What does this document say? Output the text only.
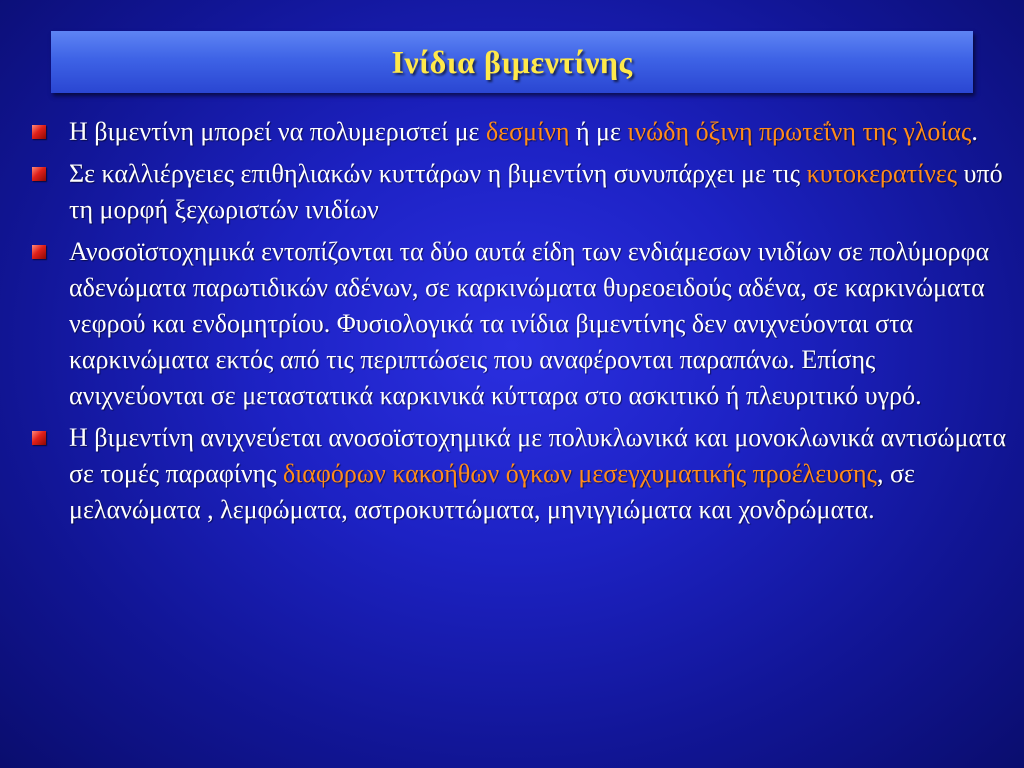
Ινίδια βιμεντίνης
Η βιμεντίνη μπορεί να πολυμεριστεί με δεσμίνη ή με ινώδη όξινη πρωτεΐνη της γλοίας.
Σε καλλιέργειες επιθηλιακών κυττάρων η βιμεντίνη συνυπάρχει με τις κυτοκερατίνες υπό τη μορφή ξεχωριστών ινιδίων
Ανοσοϊστοχημικά εντοπίζονται τα δύο αυτά είδη των ενδιάμεσων ινιδίων σε πολύμορφα αδενώματα παρωτιδικών αδένων, σε καρκινώματα θυρεοειδούς αδένα, σε καρκινώματα νεφρού και ενδομητρίου. Φυσιολογικά τα ινίδια βιμεντίνης δεν ανιχνεύονται στα καρκινώματα εκτός από τις περιπτώσεις που αναφέρονται παραπάνω. Επίσης ανιχνεύονται σε μεταστατικά καρκινικά κύτταρα στο ασκιτικό ή πλευριτικό υγρό.
Η βιμεντίνη ανιχνεύεται ανοσοϊστοχημικά με πολυκλωνικά και μονοκλωνικά αντισώματα σε τομές παραφίνης διαφόρων κακοήθων όγκων μεσεγχυματικής προέλευσης, σε μελανώματα , λεμφώματα, αστροκυττώματα, μηνιγγιώματα και χονδρώματα.
